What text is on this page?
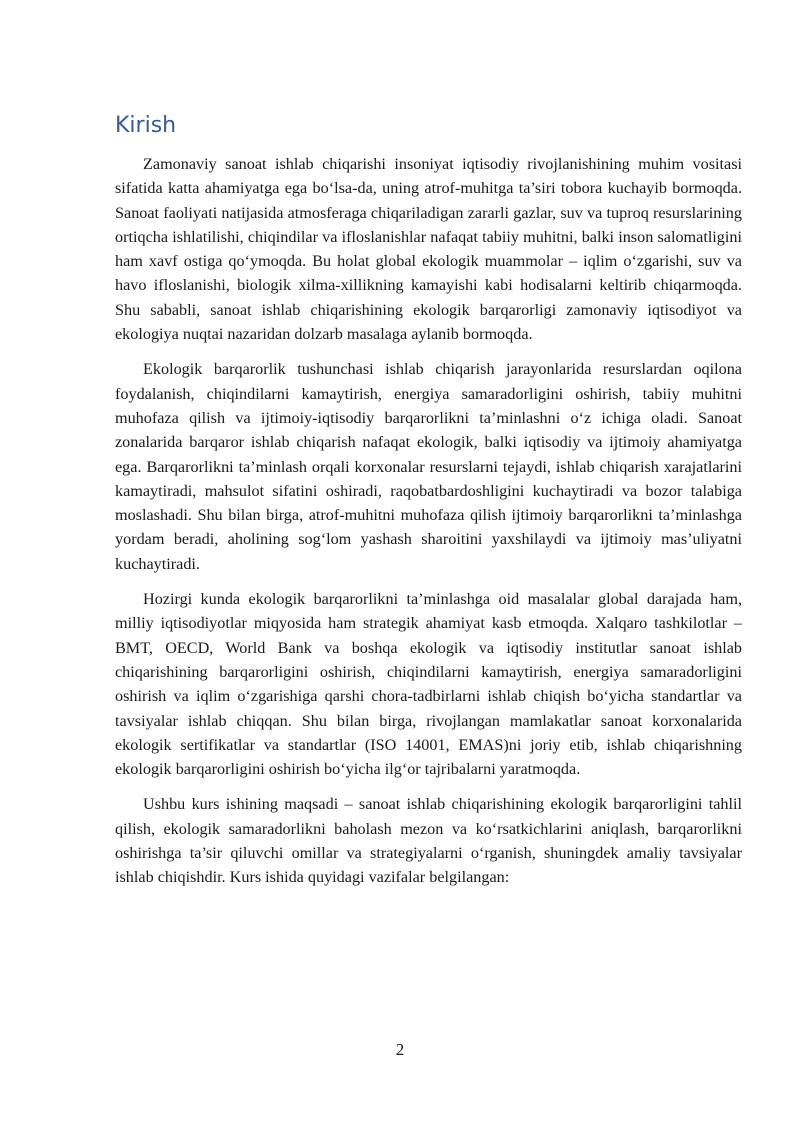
Kirish

Zamonaviy sanoat ishlab chiqarishi insoniyat iqtisodiy rivojlanishining muhim vositasi sifatida katta ahamiyatga ega bo‘lsa-da, uning atrof-muhitga ta’siri tobora kuchayib bormoqda. Sanoat faoliyati natijasida atmosferaga chiqariladigan zararli gazlar, suv va tuproq resurslarining ortiqcha ishlatilishi, chiqindilar va ifloslanishlar nafaqat tabiiy muhitni, balki inson salomatligini ham xavf ostiga qo‘ymoqda. Bu holat global ekologik muammolar – iqlim o‘zgarishi, suv va havo ifloslanishi, biologik xilma-xillikning kamayishi kabi hodisalarni keltirib chiqarmoqda. Shu sababli, sanoat ishlab chiqarishining ekologik barqarorligi zamonaviy iqtisodiyot va ekologiya nuqtai nazaridan dolzarb masalaga aylanib bormoqda.

Ekologik barqarorlik tushunchasi ishlab chiqarish jarayonlarida resurslardan oqilona foydalanish, chiqindilarni kamaytirish, energiya samaradorligini oshirish, tabiiy muhitni muhofaza qilish va ijtimoiy-iqtisodiy barqarorlikni ta’minlashni o‘z ichiga oladi. Sanoat zonalarida barqaror ishlab chiqarish nafaqat ekologik, balki iqtisodiy va ijtimoiy ahamiyatga ega. Barqarorlikni ta’minlash orqali korxonalar resurslarni tejaydi, ishlab chiqarish xarajatlarini kamaytiradi, mahsulot sifatini oshiradi, raqobatbardoshligini kuchaytiradi va bozor talabiga moslashadi. Shu bilan birga, atrof-muhitni muhofaza qilish ijtimoiy barqarorlikni ta’minlashga yordam beradi, aholining sog‘lom yashash sharoitini yaxshilaydi va ijtimoiy mas’uliyatni kuchaytiradi.

Hozirgi kunda ekologik barqarorlikni ta’minlashga oid masalalar global darajada ham, milliy iqtisodiyotlar miqyosida ham strategik ahamiyat kasb etmoqda. Xalqaro tashkilotlar – BMT, OECD, World Bank va boshqa ekologik va iqtisodiy institutlar sanoat ishlab chiqarishining barqarorligini oshirish, chiqindilarni kamaytirish, energiya samaradorligini oshirish va iqlim o‘zgarishiga qarshi chora-tadbirlarni ishlab chiqish bo‘yicha standartlar va tavsiyalar ishlab chiqqan. Shu bilan birga, rivojlangan mamlakatlar sanoat korxonalarida ekologik sertifikatlar va standartlar (ISO 14001, EMAS)ni joriy etib, ishlab chiqarishning ekologik barqarorligini oshirish bo‘yicha ilg‘or tajribalarni yaratmoqda.

Ushbu kurs ishining maqsadi – sanoat ishlab chiqarishining ekologik barqarorligini tahlil qilish, ekologik samaradorlikni baholash mezon va ko‘rsatkichlarini aniqlash, barqarorlikni oshirishga ta’sir qiluvchi omillar va strategiyalarni o‘rganish, shuningdek amaliy tavsiyalar ishlab chiqishdir. Kurs ishida quyidagi vazifalar belgilangan:

2
